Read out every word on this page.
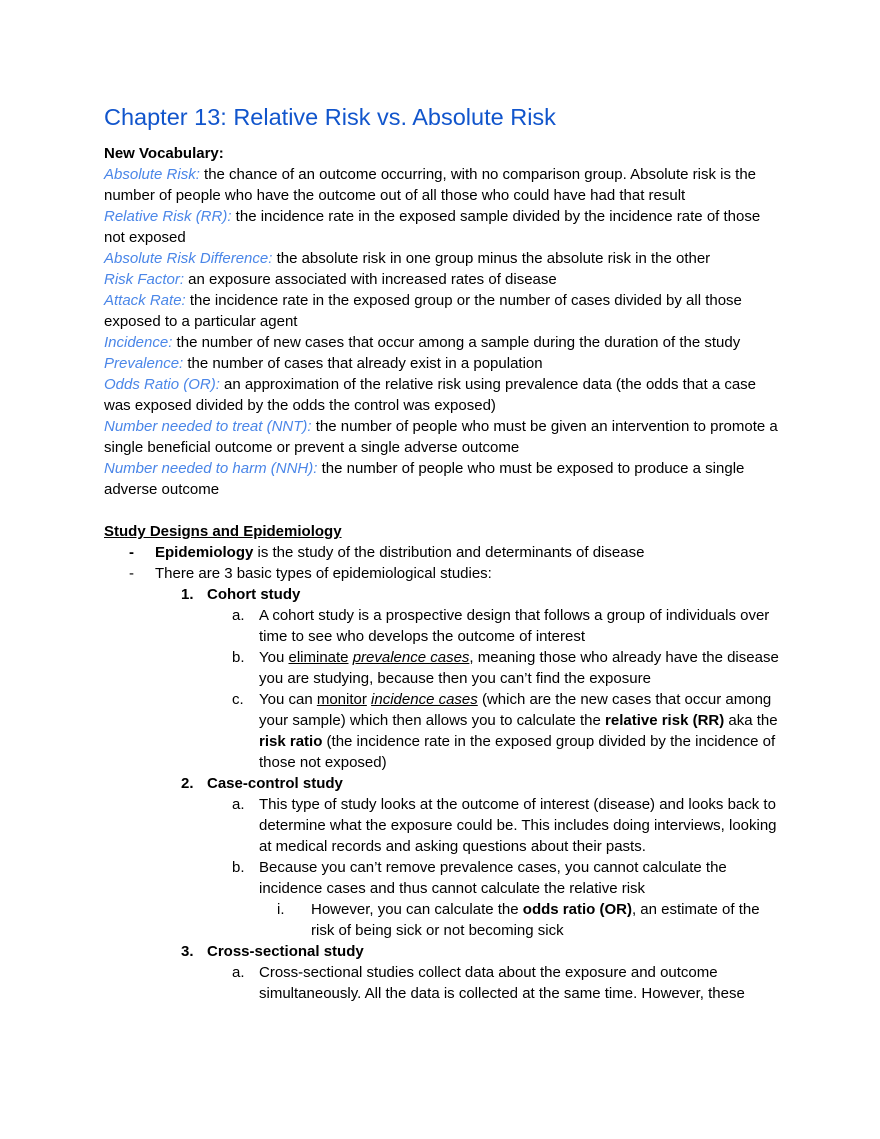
Chapter 13: Relative Risk vs. Absolute Risk

New Vocabulary:

Absolute Risk: the chance of an outcome occurring, with no comparison group. Absolute risk is the number of people who have the outcome out of all those who could have had that result

Relative Risk (RR): the incidence rate in the exposed sample divided by the incidence rate of those not exposed

Absolute Risk Difference: the absolute risk in one group minus the absolute risk in the other

Risk Factor: an exposure associated with increased rates of disease

Attack Rate: the incidence rate in the exposed group or the number of cases divided by all those exposed to a particular agent

Incidence: the number of new cases that occur among a sample during the duration of the study

Prevalence: the number of cases that already exist in a population

Odds Ratio (OR): an approximation of the relative risk using prevalence data (the odds that a case was exposed divided by the odds the control was exposed)

Number needed to treat (NNT): the number of people who must be given an intervention to promote a single beneficial outcome or prevent a single adverse outcome

Number needed to harm (NNH): the number of people who must be exposed to produce a single adverse outcome

Study Designs and Epidemiology

- Epidemiology is the study of the distribution and determinants of disease
- There are 3 basic types of epidemiological studies:
1. Cohort study
a. A cohort study is a prospective design that follows a group of individuals over time to see who develops the outcome of interest
b. You eliminate prevalence cases, meaning those who already have the disease you are studying, because then you can’t find the exposure
c. You can monitor incidence cases (which are the new cases that occur among your sample) which then allows you to calculate the relative risk (RR) aka the risk ratio (the incidence rate in the exposed group divided by the incidence of those not exposed)
2. Case-control study
a. This type of study looks at the outcome of interest (disease) and looks back to determine what the exposure could be. This includes doing interviews, looking at medical records and asking questions about their pasts.
b. Because you can’t remove prevalence cases, you cannot calculate the incidence cases and thus cannot calculate the relative risk
i. However, you can calculate the odds ratio (OR), an estimate of the risk of being sick or not becoming sick
3. Cross-sectional study
a. Cross-sectional studies collect data about the exposure and outcome simultaneously. All the data is collected at the same time. However, these
